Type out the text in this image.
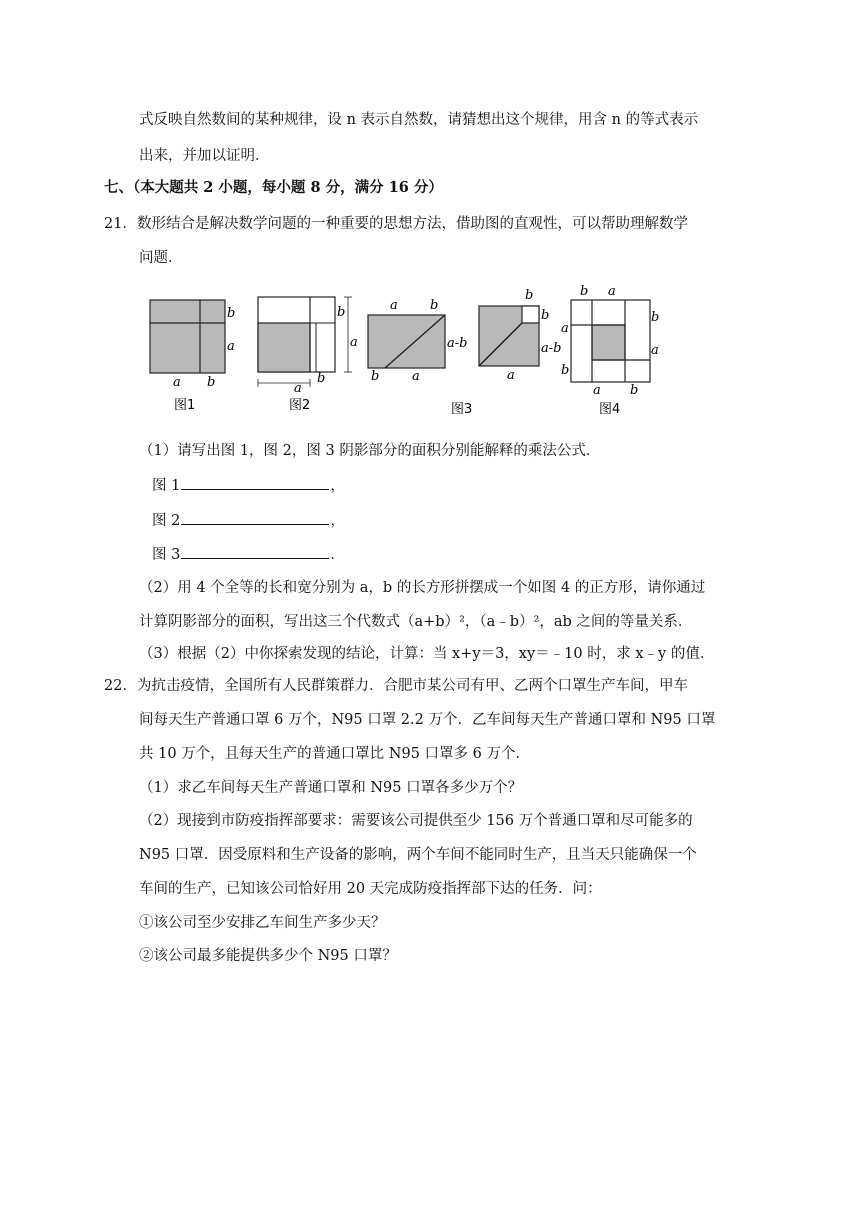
式反映自然数间的某种规律，设 n 表示自然数，请猜想出这个规律，用含 n 的等式表示
出来，并加以证明．
七、（本大题共 2 小题，每小题 8 分，满分 16 分）
21．数形结合是解决数学问题的一种重要的思想方法，借助图的直观性，可以帮助理解数学
问题．
b
a
a b
图1
b
a
a
b
图2
a b
a-b
b	a
b
b
a-b
a
图3
b a
b
a
a
b
a b
图4
（1）请写出图 1，图 2，图 3 阴影部分的面积分别能解释的乘法公式．
图 1	，
图 2	，
图 3	．
（2）用 4 个全等的长和宽分别为 a，b 的长方形拼摆成一个如图 4 的正方形，请你通过
计算阴影部分的面积，写出这三个代数式（a+b）²，（a﹣b）²，ab 之间的等量关系．
（3）根据（2）中你探索发现的结论，计算：当 x+y＝3，xy＝﹣10 时，求 x﹣y 的值．
22．为抗击疫情，全国所有人民群策群力．合肥市某公司有甲、乙两个口罩生产车间，甲车
间每天生产普通口罩 6 万个，N95 口罩 2.2 万个．乙车间每天生产普通口罩和 N95 口罩
共 10 万个，且每天生产的普通口罩比 N95 口罩多 6 万个．
（1）求乙车间每天生产普通口罩和 N95 口罩各多少万个？
（2）现接到市防疫指挥部要求：需要该公司提供至少 156 万个普通口罩和尽可能多的
N95 口罩．因受原料和生产设备的影响，两个车间不能同时生产，且当天只能确保一个
车间的生产，已知该公司恰好用 20 天完成防疫指挥部下达的任务．问：
①该公司至少安排乙车间生产多少天？
②该公司最多能提供多少个 N95 口罩？
